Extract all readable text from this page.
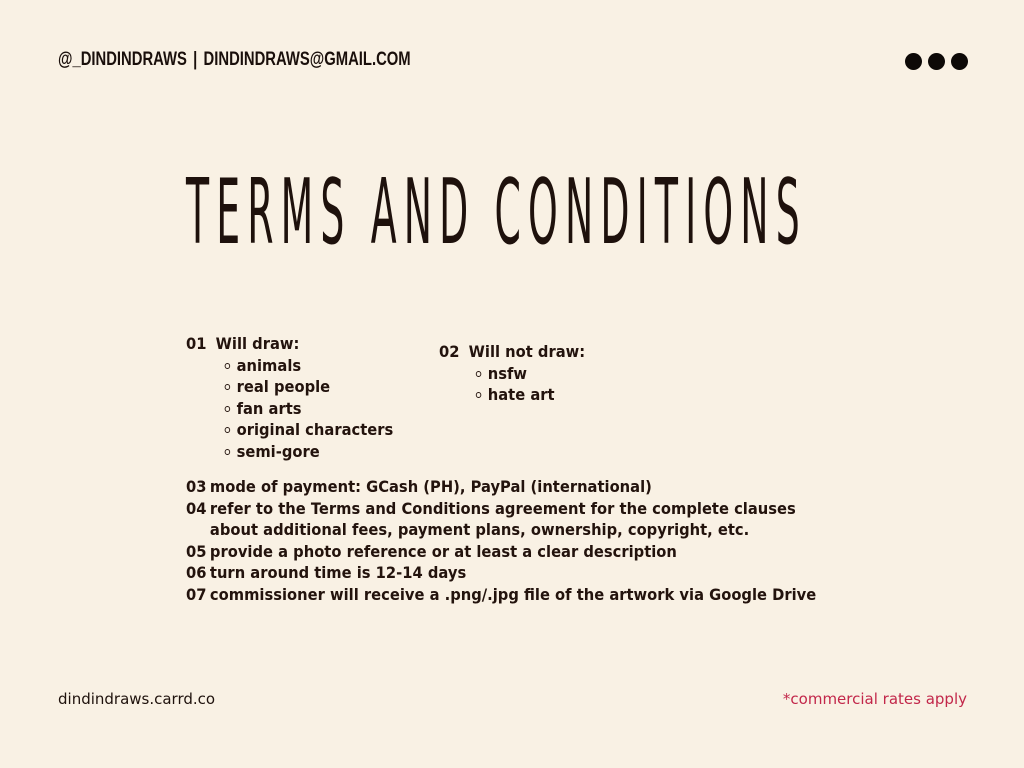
@_DINDINDRAWS | DINDINDRAWS@GMAIL.COM
TERMS AND CONDITIONS
01 Will draw:
animals
real people
fan arts
original characters
semi-gore
02 Will not draw:
nsfw
hate art
03 mode of payment: GCash (PH), PayPal (international)
04 refer to the Terms and Conditions agreement for the complete clauses
about additional fees, payment plans, ownership, copyright, etc.
05 provide a photo reference or at least a clear description
06 turn around time is 12-14 days
07 commissioner will receive a .png/.jpg file of the artwork via Google Drive
dindindraws.carrd.co	*commercial rates apply
